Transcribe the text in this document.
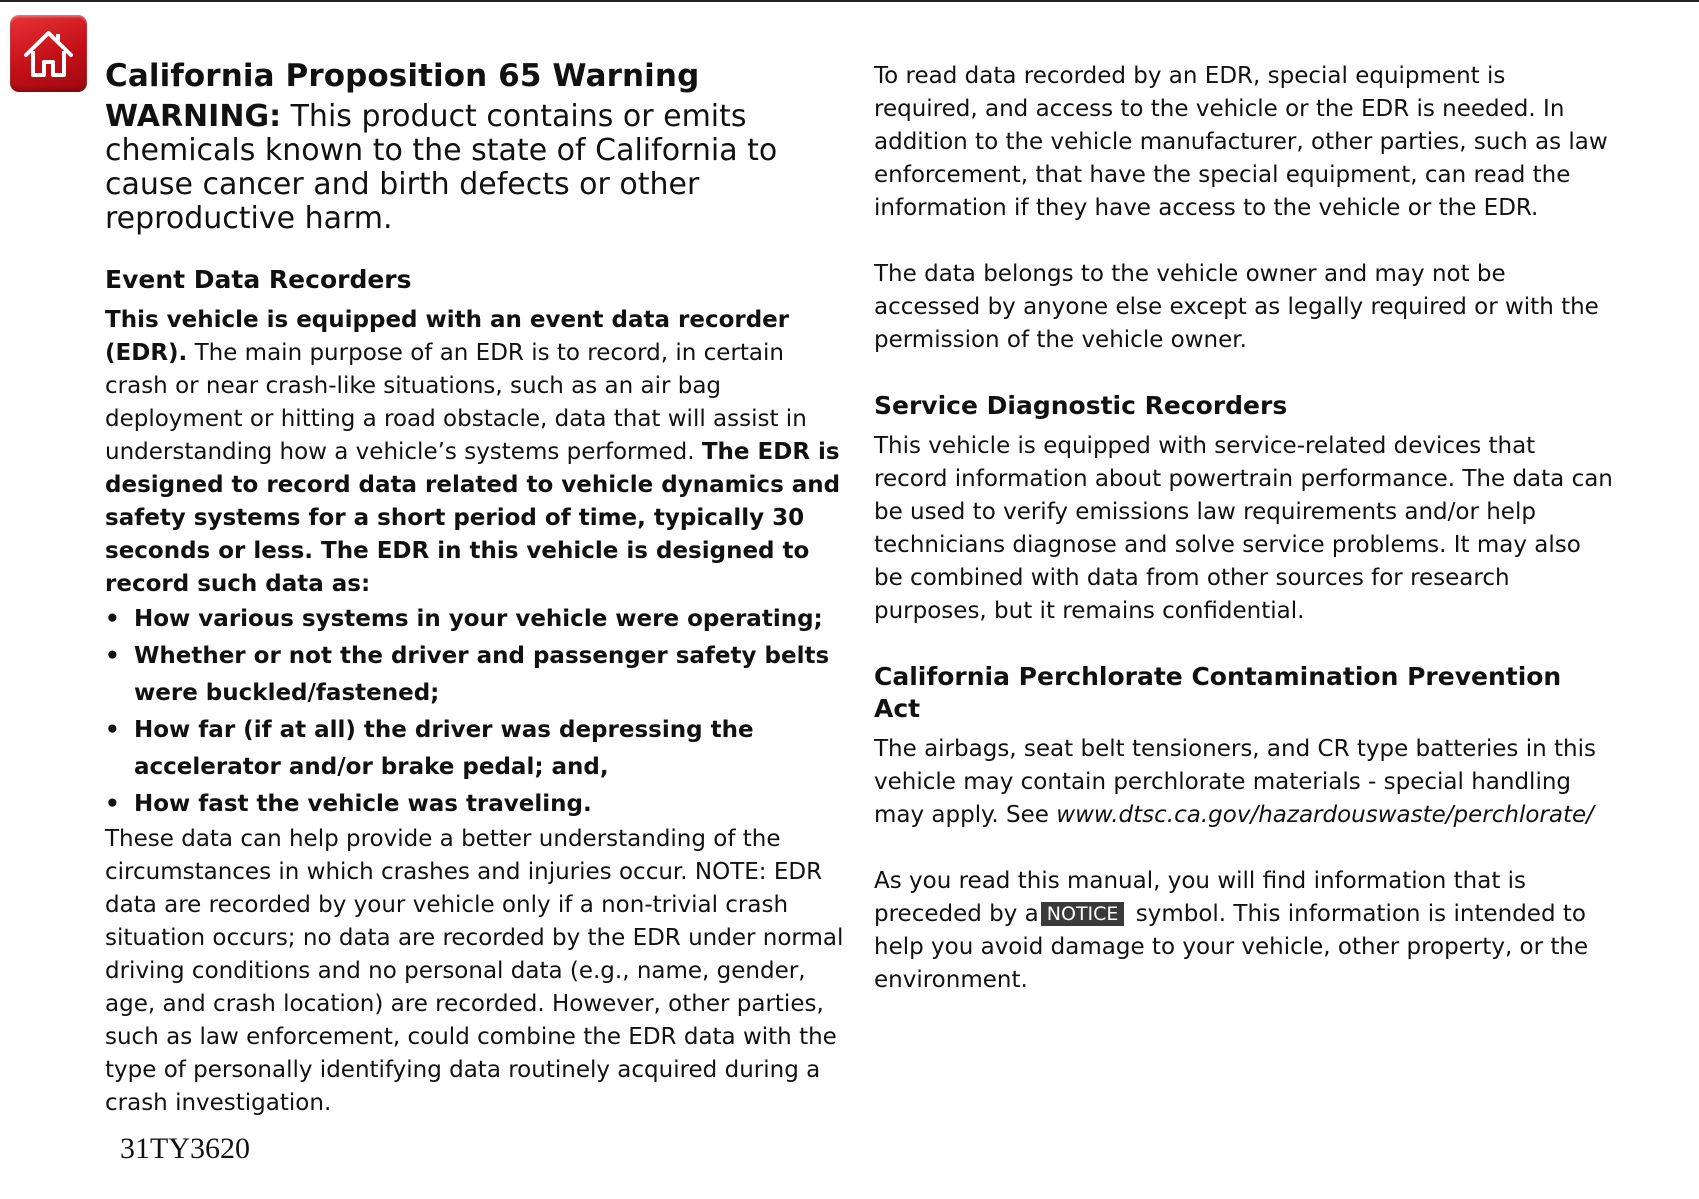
California Proposition 65 Warning
WARNING: This product contains or emits chemicals known to the state of California to cause cancer and birth defects or other reproductive harm.
Event Data Recorders

This vehicle is equipped with an event data recorder (EDR). The main purpose of an EDR is to record, in certain crash or near crash-like situations, such as an air bag deployment or hitting a road obstacle, data that will assist in understanding how a vehicle’s systems performed. The EDR is designed to record data related to vehicle dynamics and safety systems for a short period of time, typically 30 seconds or less. The EDR in this vehicle is designed to record such data as:

• How various systems in your vehicle were operating;
• Whether or not the driver and passenger safety belts were buckled/fastened;
• How far (if at all) the driver was depressing the accelerator and/or brake pedal; and,
• How fast the vehicle was traveling.

These data can help provide a better understanding of the circumstances in which crashes and injuries occur. NOTE: EDR data are recorded by your vehicle only if a non-trivial crash situation occurs; no data are recorded by the EDR under normal driving conditions and no personal data (e.g., name, gender, age, and crash location) are recorded. However, other parties, such as law enforcement, could combine the EDR data with the type of personally identifying data routinely acquired during a crash investigation.

To read data recorded by an EDR, special equipment is required, and access to the vehicle or the EDR is needed. In addition to the vehicle manufacturer, other parties, such as law enforcement, that have the special equipment, can read the information if they have access to the vehicle or the EDR.

The data belongs to the vehicle owner and may not be accessed by anyone else except as legally required or with the permission of the vehicle owner.

Service Diagnostic Recorders

This vehicle is equipped with service-related devices that record information about powertrain performance. The data can be used to verify emissions law requirements and/or help technicians diagnose and solve service problems. It may also be combined with data from other sources for research purposes, but it remains confidential.

California Perchlorate Contamination Prevention Act

The airbags, seat belt tensioners, and CR type batteries in this vehicle may contain perchlorate materials - special handling may apply. See www.dtsc.ca.gov/hazardouswaste/perchlorate/

As you read this manual, you will find information that is preceded by a NOTICE symbol. This information is intended to help you avoid damage to your vehicle, other property, or the environment.

31TY3620
